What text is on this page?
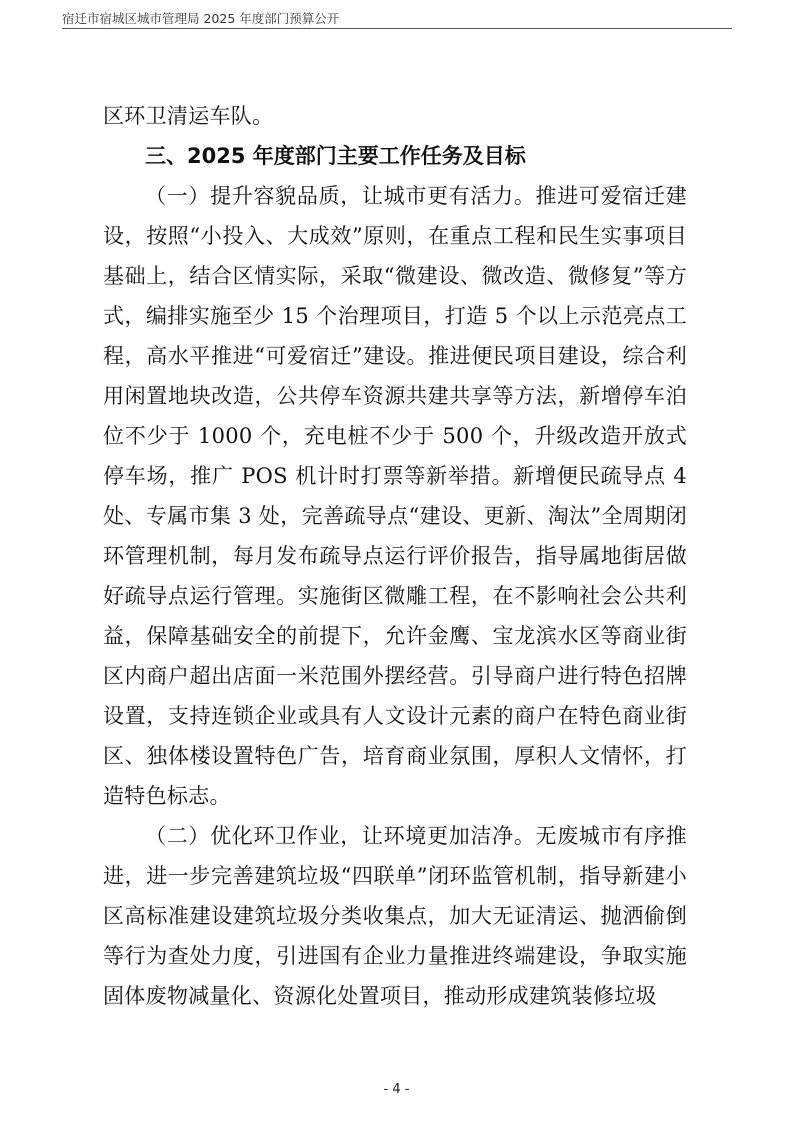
宿迁市宿城区城市管理局 2025 年度部门预算公开

区环卫清运车队。

三、2025 年度部门主要工作任务及目标

（一）提升容貌品质，让城市更有活力。推进可爱宿迁建设，按照“小投入、大成效”原则，在重点工程和民生实事项目基础上，结合区情实际，采取“微建设、微改造、微修复”等方式，编排实施至少 15 个治理项目，打造 5 个以上示范亮点工程，高水平推进“可爱宿迁”建设。推进便民项目建设，综合利用闲置地块改造，公共停车资源共建共享等方法，新增停车泊位不少于 1000 个，充电桩不少于 500 个，升级改造开放式停车场，推广 POS 机计时打票等新举措。新增便民疏导点 4 处、专属市集 3 处，完善疏导点“建设、更新、淘汰”全周期闭环管理机制，每月发布疏导点运行评价报告，指导属地街居做好疏导点运行管理。实施街区微雕工程，在不影响社会公共利益，保障基础安全的前提下，允许金鹰、宝龙滨水区等商业街区内商户超出店面一米范围外摆经营。引导商户进行特色招牌设置，支持连锁企业或具有人文设计元素的商户在特色商业街区、独体楼设置特色广告，培育商业氛围，厚积人文情怀，打造特色标志。

（二）优化环卫作业，让环境更加洁净。无废城市有序推进，进一步完善建筑垃圾“四联单”闭环监管机制，指导新建小区高标准建设建筑垃圾分类收集点，加大无证清运、抛洒偷倒等行为查处力度，引进国有企业力量推进终端建设，争取实施固体废物减量化、资源化处置项目，推动形成建筑装修垃圾

- 4 -
